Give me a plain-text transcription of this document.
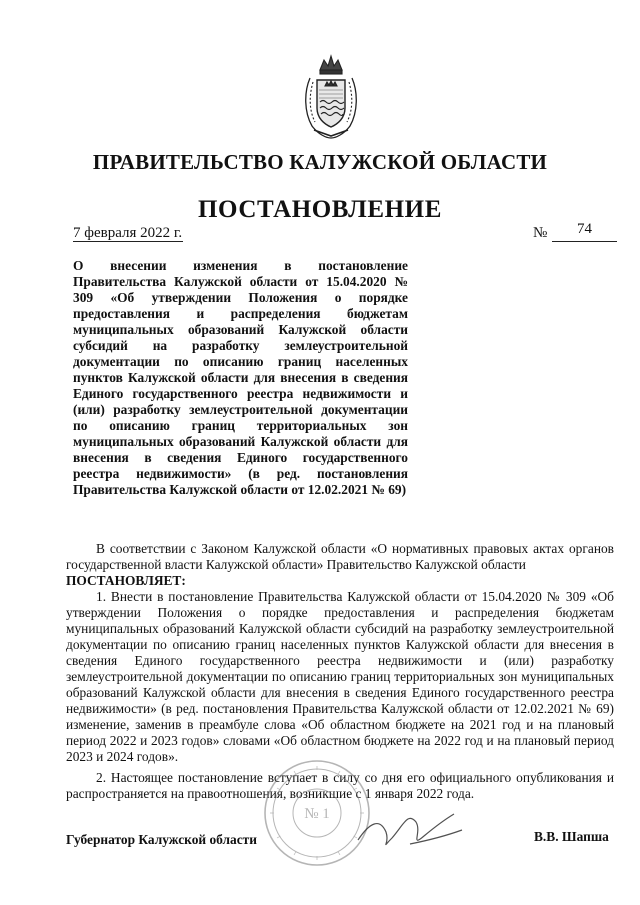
ПРАВИТЕЛЬСТВО КАЛУЖСКОЙ ОБЛАСТИ
ПОСТАНОВЛЕНИЕ
7 февраля 2022 г.	№	74
О внесении изменения в постановление Правительства Калужской области от 15.04.2020 № 309 «Об утверждении Положения о порядке предоставления и распределения бюджетам муниципальных образований Калужской области субсидий на разработку землеустроительной документации по описанию границ населенных пунктов Калужской области для внесения в сведения Единого государственного реестра недвижимости и (или) разработку землеустроительной документации по описанию границ территориальных зон муниципальных образований Калужской области для внесения в сведения Единого государственного реестра недвижимости» (в ред. постановления Правительства Калужской области от 12.02.2021 № 69)
В соответствии с Законом Калужской области «О нормативных правовых актах органов государственной власти Калужской области» Правительство Калужской области
ПОСТАНОВЛЯЕТ:
1. Внести в постановление Правительства Калужской области от 15.04.2020 № 309 «Об утверждении Положения о порядке предоставления и распределения бюджетам муниципальных образований Калужской области субсидий на разработку землеустроительной документации по описанию границ населенных пунктов Калужской области для внесения в сведения Единого государственного реестра недвижимости и (или) разработку землеустроительной документации по описанию границ территориальных зон муниципальных образований Калужской области для внесения в сведения Единого государственного реестра недвижимости» (в ред. постановления Правительства Калужской области от 12.02.2021 № 69) изменение, заменив в преамбуле слова «Об областном бюджете на 2021 год и на плановый период 2022 и 2023 годов» словами «Об областном бюджете на 2022 год и на плановый период 2023 и 2024 годов».
2. Настоящее постановление вступает в силу со дня его официального опубликования и распространяется на правоотношения, возникшие с 1 января 2022 года.
№ 1
Губернатор Калужской области	В.В. Шапша
